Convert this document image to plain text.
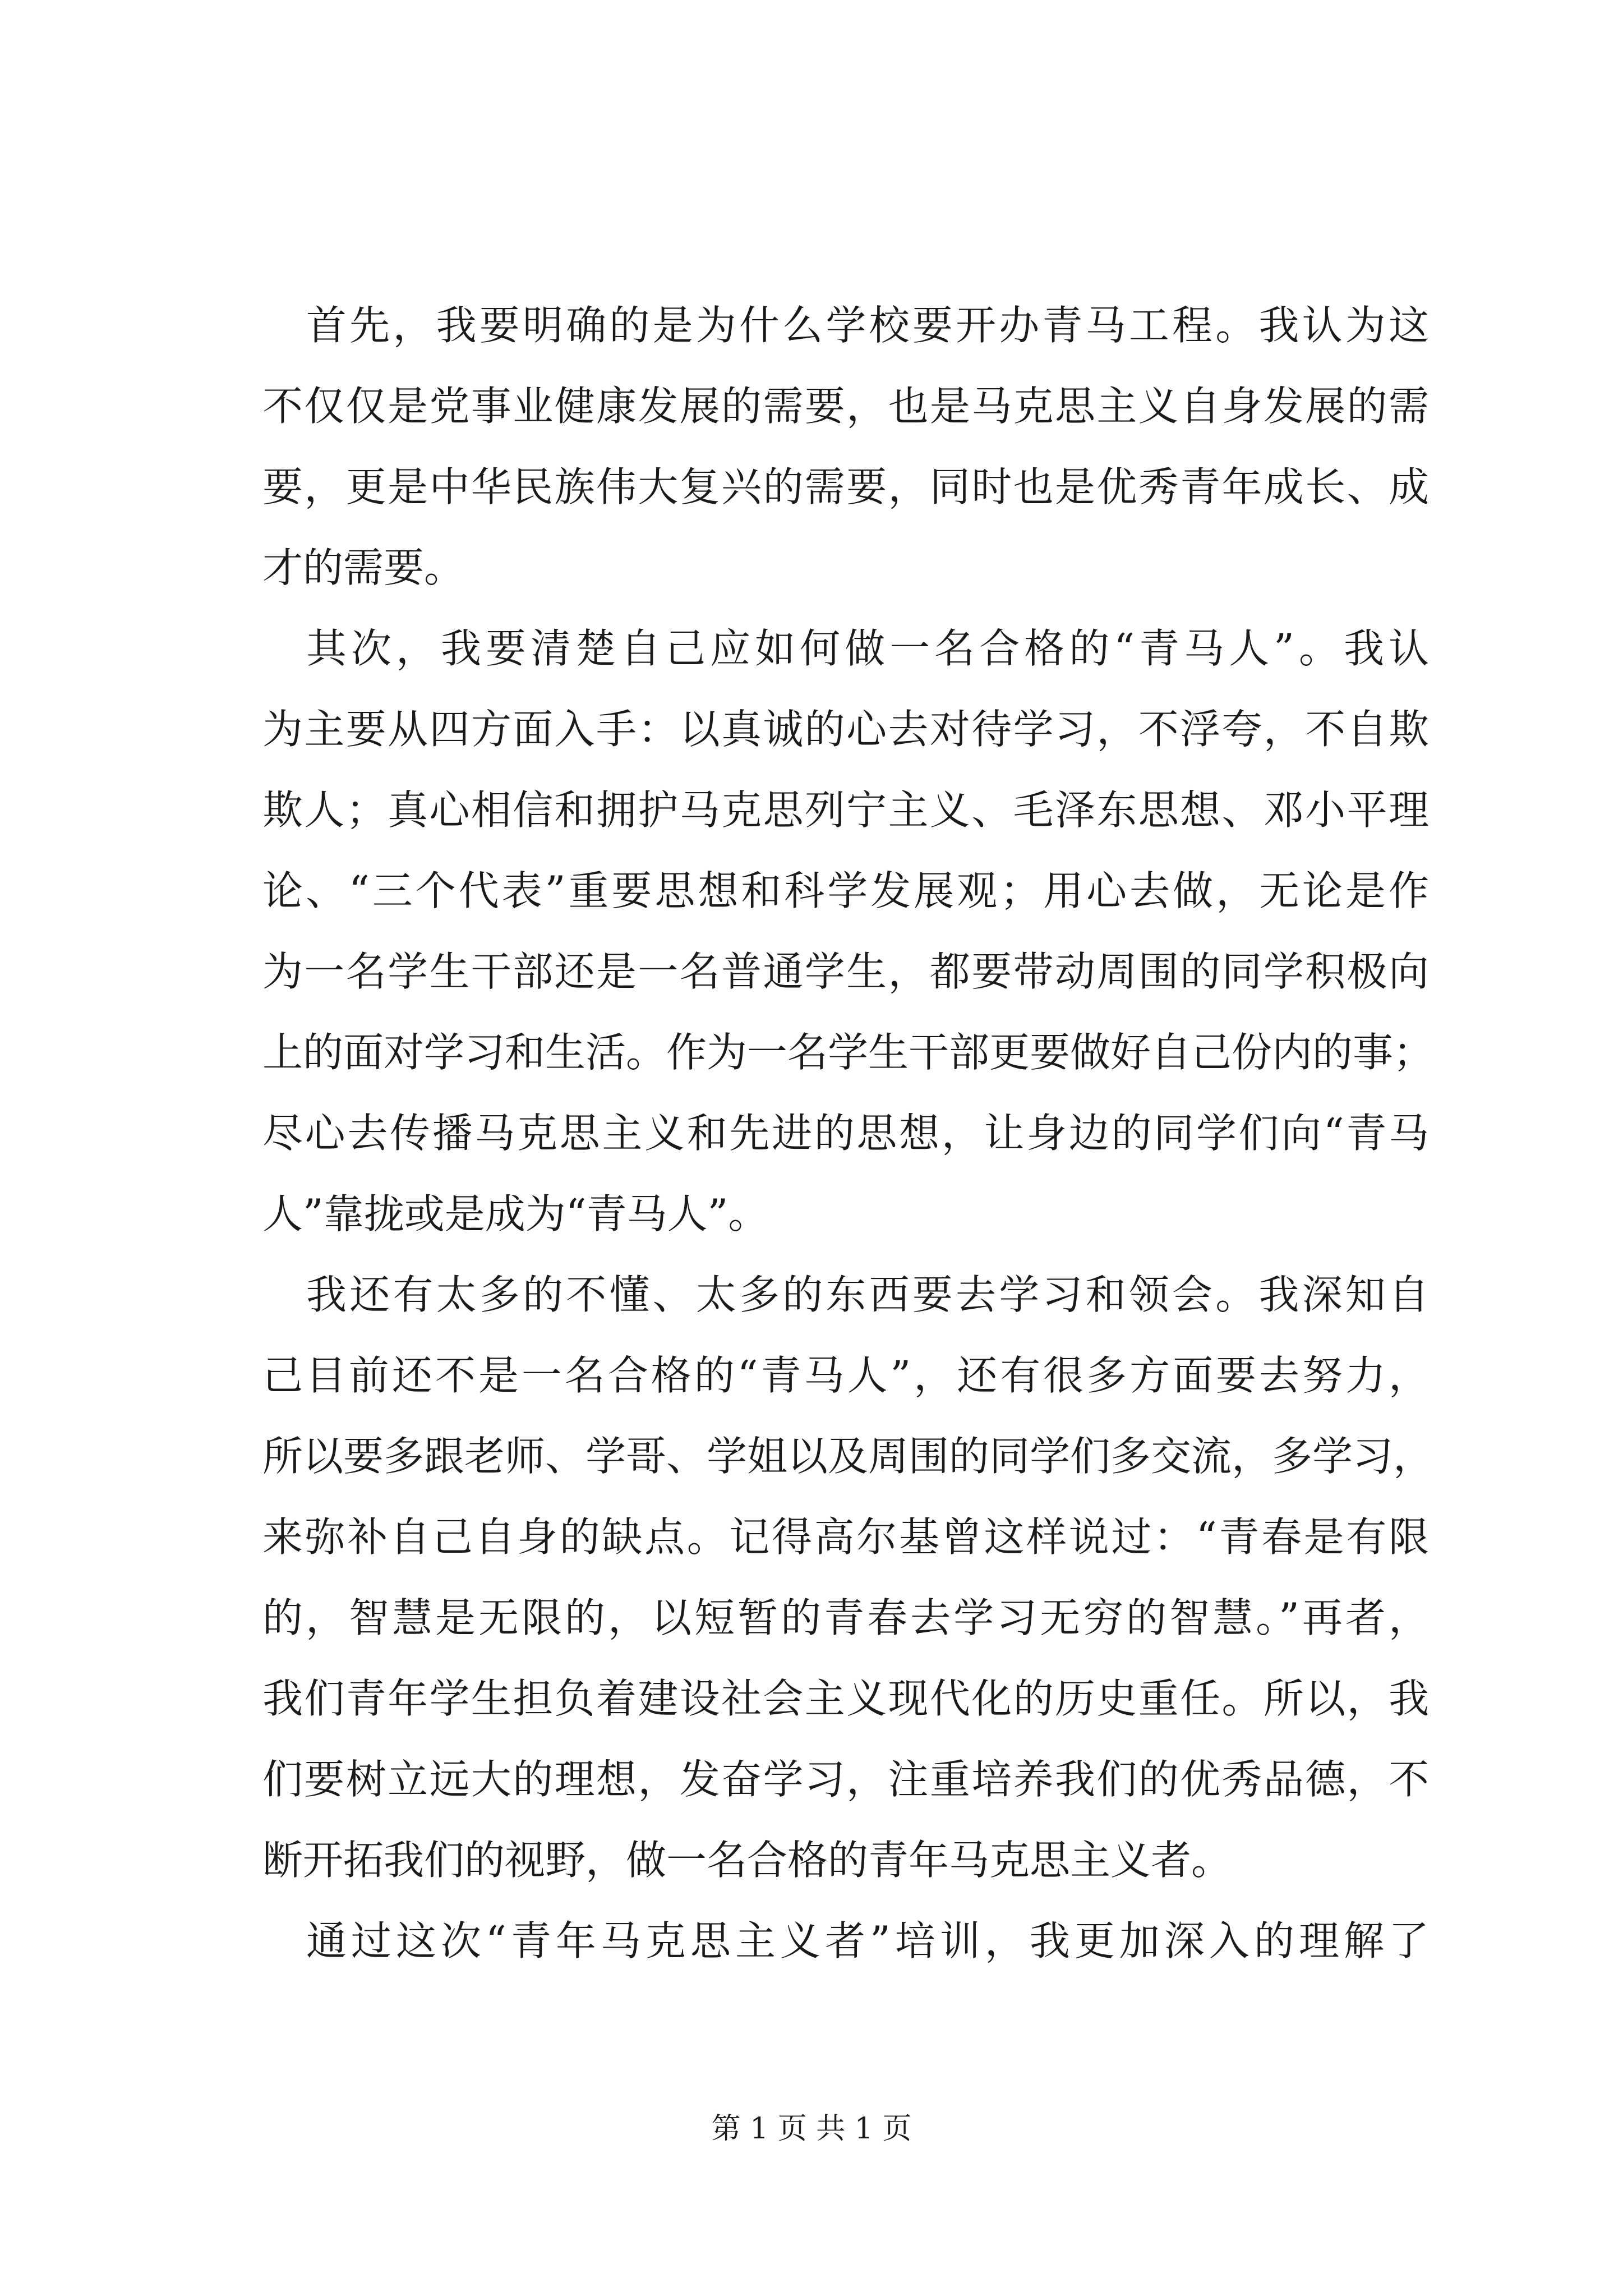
首先，我要明确的是为什么学校要开办青马工程。我认为这
不仅仅是党事业健康发展的需要，也是马克思主义自身发展的需
要，更是中华民族伟大复兴的需要，同时也是优秀青年成长、成
才的需要。
其次，我要清楚自己应如何做一名合格的“青马人”。我认
为主要从四方面入手：以真诚的心去对待学习，不浮夸，不自欺
欺人；真心相信和拥护马克思列宁主义、毛泽东思想、邓小平理
论、“三个代表”重要思想和科学发展观；用心去做，无论是作
为一名学生干部还是一名普通学生，都要带动周围的同学积极向
上的面对学习和生活。作为一名学生干部更要做好自己份内的事；
尽心去传播马克思主义和先进的思想，让身边的同学们向“青马
人”靠拢或是成为“青马人”。
我还有太多的不懂、太多的东西要去学习和领会。我深知自
己目前还不是一名合格的“青马人”，还有很多方面要去努力，
所以要多跟老师、学哥、学姐以及周围的同学们多交流，多学习，
来弥补自己自身的缺点。记得高尔基曾这样说过：“青春是有限
的，智慧是无限的，以短暂的青春去学习无穷的智慧。”再者，
我们青年学生担负着建设社会主义现代化的历史重任。所以，我
们要树立远大的理想，发奋学习，注重培养我们的优秀品德，不
断开拓我们的视野，做一名合格的青年马克思主义者。
通过这次“青年马克思主义者”培训，我更加深入的理解了
第 1 页 共 1 页
